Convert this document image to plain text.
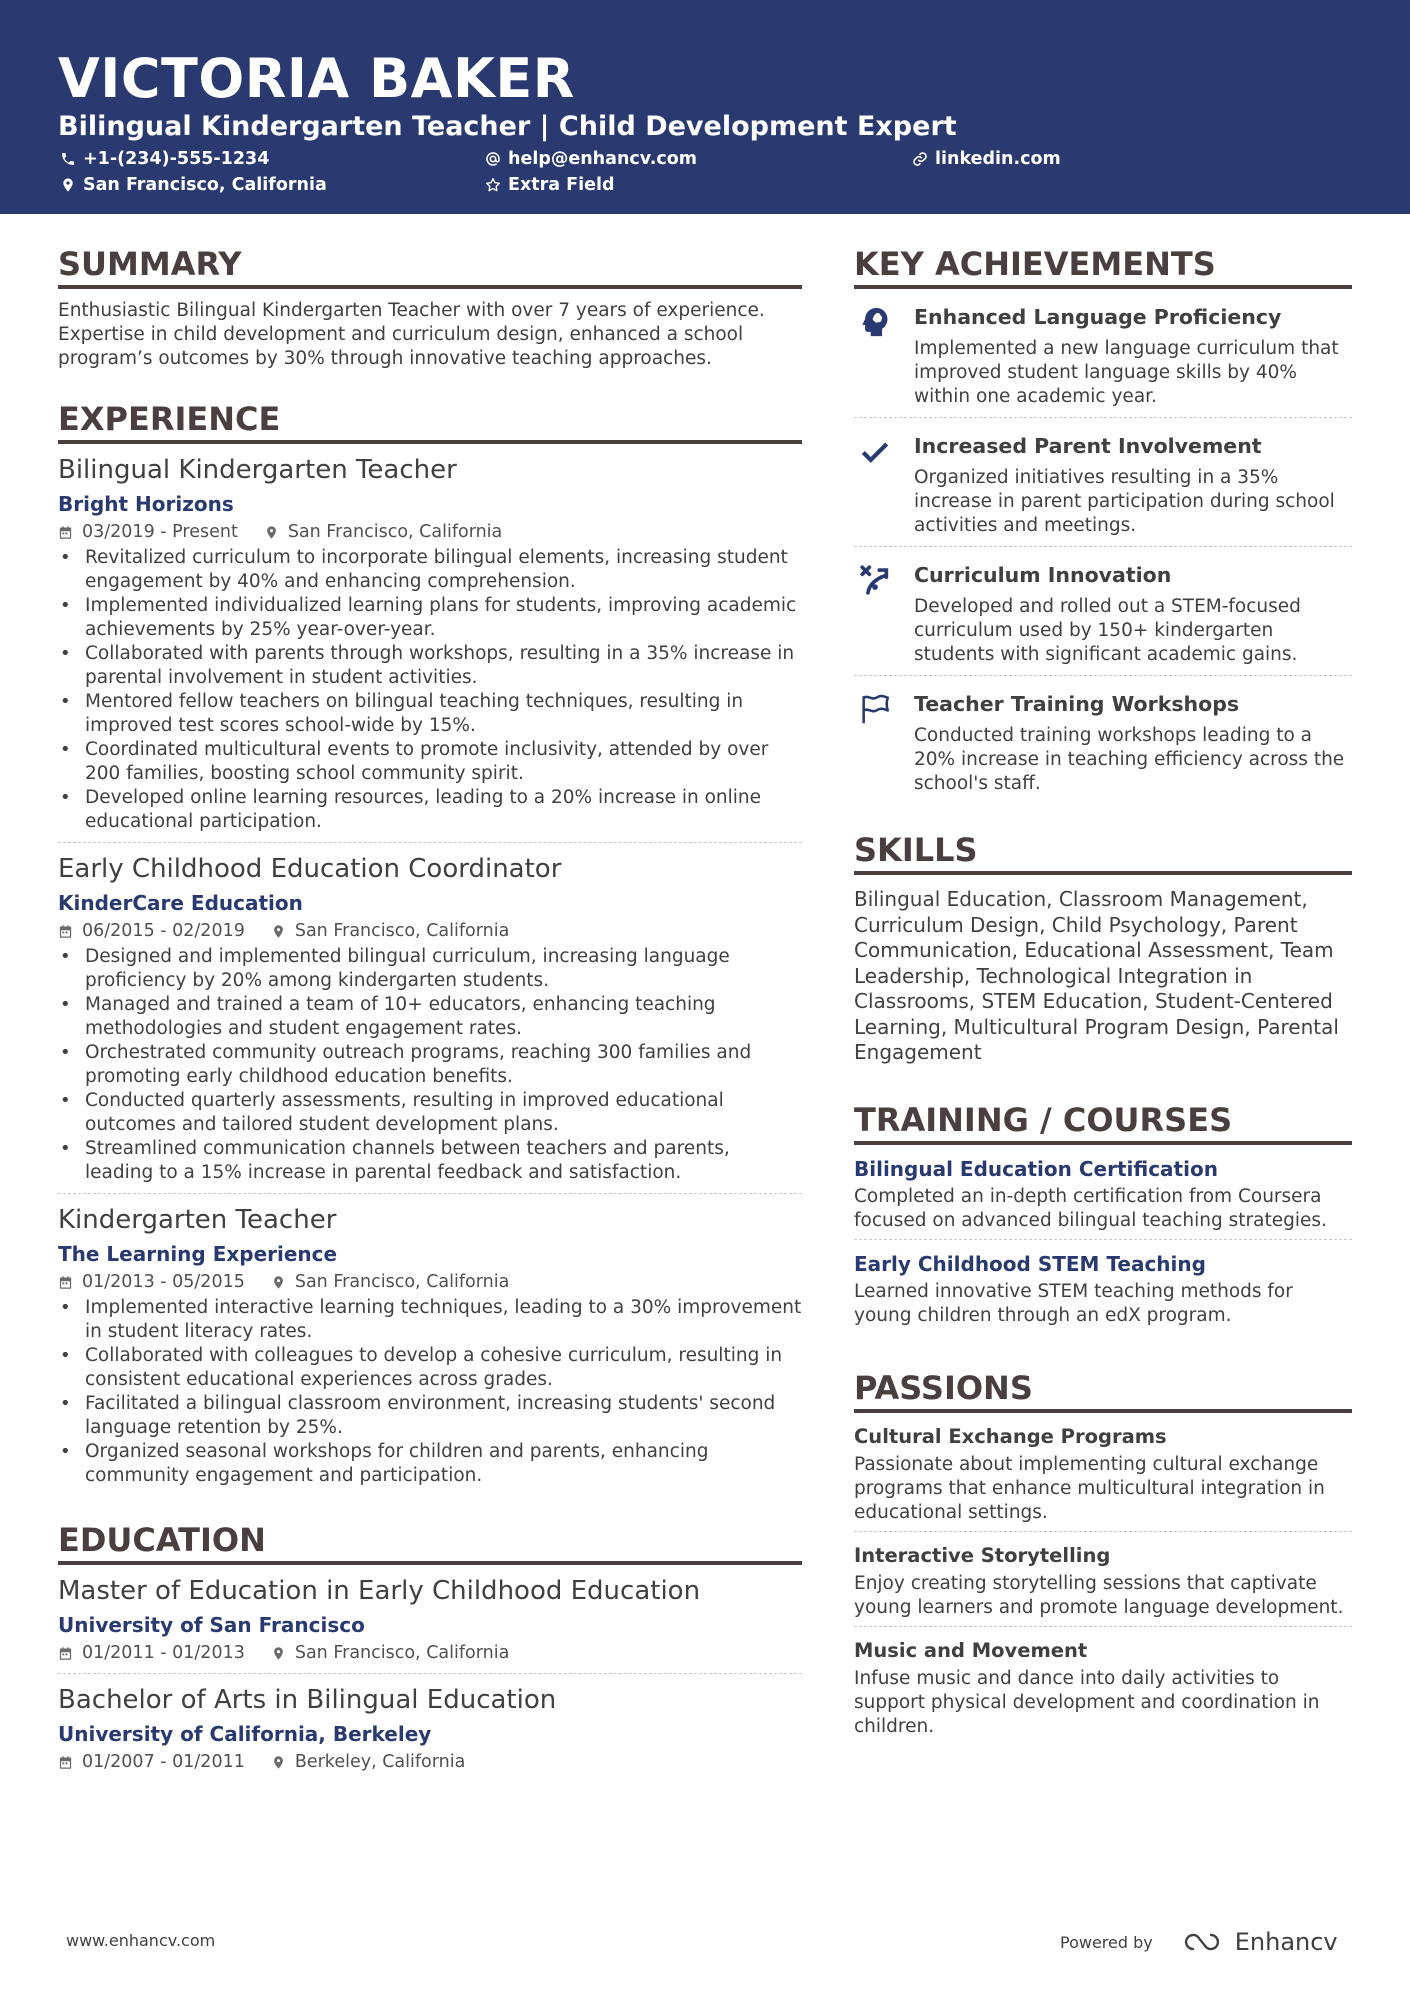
VICTORIA BAKER
Bilingual Kindergarten Teacher | Child Development Expert
+1-(234)-555-1234	help@enhancv.com	linkedin.com
San Francisco, California	Extra Field
SUMMARY
Enthusiastic Bilingual Kindergarten Teacher with over 7 years of experience. Expertise in child development and curriculum design, enhanced a school program’s outcomes by 30% through innovative teaching approaches.
EXPERIENCE
Bilingual Kindergarten Teacher
Bright Horizons
03/2019 - Present	San Francisco, California
• Revitalized curriculum to incorporate bilingual elements, increasing student engagement by 40% and enhancing comprehension.
• Implemented individualized learning plans for students, improving academic achievements by 25% year-over-year.
• Collaborated with parents through workshops, resulting in a 35% increase in parental involvement in student activities.
• Mentored fellow teachers on bilingual teaching techniques, resulting in improved test scores school-wide by 15%.
• Coordinated multicultural events to promote inclusivity, attended by over 200 families, boosting school community spirit.
• Developed online learning resources, leading to a 20% increase in online educational participation.
Early Childhood Education Coordinator
KinderCare Education
06/2015 - 02/2019	San Francisco, California
• Designed and implemented bilingual curriculum, increasing language proficiency by 20% among kindergarten students.
• Managed and trained a team of 10+ educators, enhancing teaching methodologies and student engagement rates.
• Orchestrated community outreach programs, reaching 300 families and promoting early childhood education benefits.
• Conducted quarterly assessments, resulting in improved educational outcomes and tailored student development plans.
• Streamlined communication channels between teachers and parents, leading to a 15% increase in parental feedback and satisfaction.
Kindergarten Teacher
The Learning Experience
01/2013 - 05/2015	San Francisco, California
• Implemented interactive learning techniques, leading to a 30% improvement in student literacy rates.
• Collaborated with colleagues to develop a cohesive curriculum, resulting in consistent educational experiences across grades.
• Facilitated a bilingual classroom environment, increasing students' second language retention by 25%.
• Organized seasonal workshops for children and parents, enhancing community engagement and participation.
EDUCATION
Master of Education in Early Childhood Education
University of San Francisco
01/2011 - 01/2013	San Francisco, California
Bachelor of Arts in Bilingual Education
University of California, Berkeley
01/2007 - 01/2011	Berkeley, California
KEY ACHIEVEMENTS
Enhanced Language Proficiency
Implemented a new language curriculum that improved student language skills by 40% within one academic year.
Increased Parent Involvement
Organized initiatives resulting in a 35% increase in parent participation during school activities and meetings.
Curriculum Innovation
Developed and rolled out a STEM-focused curriculum used by 150+ kindergarten students with significant academic gains.
Teacher Training Workshops
Conducted training workshops leading to a 20% increase in teaching efficiency across the school's staff.
SKILLS
Bilingual Education, Classroom Management, Curriculum Design, Child Psychology, Parent Communication, Educational Assessment, Team Leadership, Technological Integration in Classrooms, STEM Education, Student-Centered Learning, Multicultural Program Design, Parental Engagement
TRAINING / COURSES
Bilingual Education Certification
Completed an in-depth certification from Coursera focused on advanced bilingual teaching strategies.
Early Childhood STEM Teaching
Learned innovative STEM teaching methods for young children through an edX program.
PASSIONS
Cultural Exchange Programs
Passionate about implementing cultural exchange programs that enhance multicultural integration in educational settings.
Interactive Storytelling
Enjoy creating storytelling sessions that captivate young learners and promote language development.
Music and Movement
Infuse music and dance into daily activities to support physical development and coordination in children.
www.enhancv.com	Powered by	Enhancv
